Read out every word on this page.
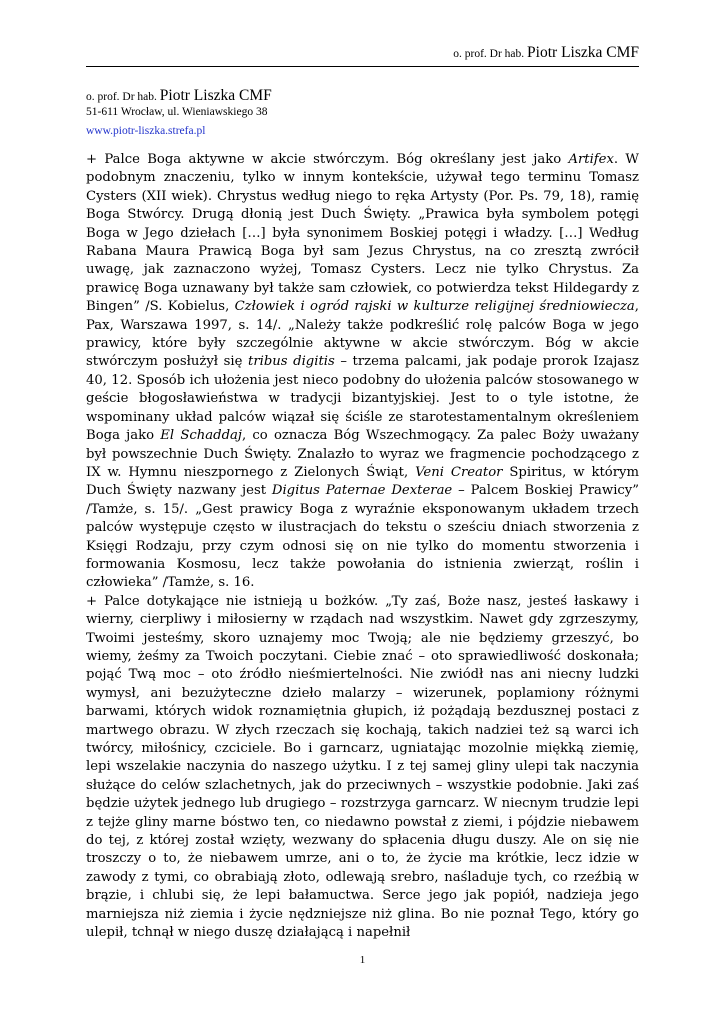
o. prof. Dr hab. Piotr Liszka CMF
o. prof. Dr hab. Piotr Liszka CMF
51-611 Wrocław, ul. Wieniawskiego 38
www.piotr-liszka.strefa.pl

+ Palce Boga aktywne w akcie stwórczym. Bóg określany jest jako Artifex. W podobnym znaczeniu, tylko w innym kontekście, używał tego terminu Tomasz Cysters (XII wiek). Chrystus według niego to ręka Artysty (Por. Ps. 79, 18), ramię Boga Stwórcy. Drugą dłonią jest Duch Święty. „Prawica była symbolem potęgi Boga w Jego dziełach […] była synonimem Boskiej potęgi i władzy. […] Według Rabana Maura Prawicą Boga był sam Jezus Chrystus, na co zresztą zwrócił uwagę, jak zaznaczono wyżej, Tomasz Cysters. Lecz nie tylko Chrystus. Za prawicę Boga uznawany był także sam człowiek, co potwierdza tekst Hildegardy z Bingen” /S. Kobielus, Człowiek i ogród rajski w kulturze religijnej średniowiecza, Pax, Warszawa 1997, s. 14/. „Należy także podkreślić rolę palców Boga w jego prawicy, które były szczególnie aktywne w akcie stwórczym. Bóg w akcie stwórczym posłużył się tribus digitis – trzema palcami, jak podaje prorok Izajasz 40, 12. Sposób ich ułożenia jest nieco podobny do ułożenia palców stosowanego w geście błogosławieństwa w tradycji bizantyjskiej. Jest to o tyle istotne, że wspominany układ palców wiązał się ściśle ze starotestamentalnym określeniem Boga jako El Schaddaj, co oznacza Bóg Wszechmogący. Za palec Boży uważany był powszechnie Duch Święty. Znalazło to wyraz we fragmencie pochodzącego z IX w. Hymnu nieszpornego z Zielonych Świąt, Veni Creator Spiritus, w którym Duch Święty nazwany jest Digitus Paternae Dexterae – Palcem Boskiej Prawicy” /Tamże, s. 15/. „Gest prawicy Boga z wyraźnie eksponowanym układem trzech palców występuje często w ilustracjach do tekstu o sześciu dniach stworzenia z Księgi Rodzaju, przy czym odnosi się on nie tylko do momentu stworzenia i formowania Kosmosu, lecz także powołania do istnienia zwierząt, roślin i człowieka” /Tamże, s. 16.

+ Palce dotykające nie istnieją u bożków. „Ty zaś, Boże nasz, jesteś łaskawy i wierny, cierpliwy i miłosierny w rządach nad wszystkim. Nawet gdy zgrzeszymy, Twoimi jesteśmy, skoro uznajemy moc Twoją; ale nie będziemy grzeszyć, bo wiemy, żeśmy za Twoich poczytani. Ciebie znać – oto sprawiedliwość doskonała; pojąć Twą moc – oto źródło nieśmiertelności. Nie zwiódł nas ani niecny ludzki wymysł, ani bezużyteczne dzieło malarzy – wizerunek, poplamiony różnymi barwami, których widok roznamiętnia głupich, iż pożądają bezdusznej postaci z martwego obrazu. W złych rzeczach się kochają, takich nadziei też są warci ich twórcy, miłośnicy, czciciele. Bo i garncarz, ugniatając mozolnie miękką ziemię, lepi wszelakie naczynia do naszego użytku. I z tej samej gliny ulepi tak naczynia służące do celów szlachetnych, jak do przeciwnych – wszystkie podobnie. Jaki zaś będzie użytek jednego lub drugiego – rozstrzyga garncarz. W niecnym trudzie lepi z tejże gliny marne bóstwo ten, co niedawno powstał z ziemi, i pójdzie niebawem do tej, z której został wzięty, wezwany do spłacenia długu duszy. Ale on się nie troszczy o to, że niebawem umrze, ani o to, że życie ma krótkie, lecz idzie w zawody z tymi, co obrabiają złoto, odlewają srebro, naśladuje tych, co rzeźbią w brązie, i chlubi się, że lepi bałamuctwa. Serce jego jak popiół, nadzieja jego marniejsza niż ziemia i życie nędzniejsze niż glina. Bo nie poznał Tego, który go ulepił, tchnął w niego duszę działającą i napełnił

1
